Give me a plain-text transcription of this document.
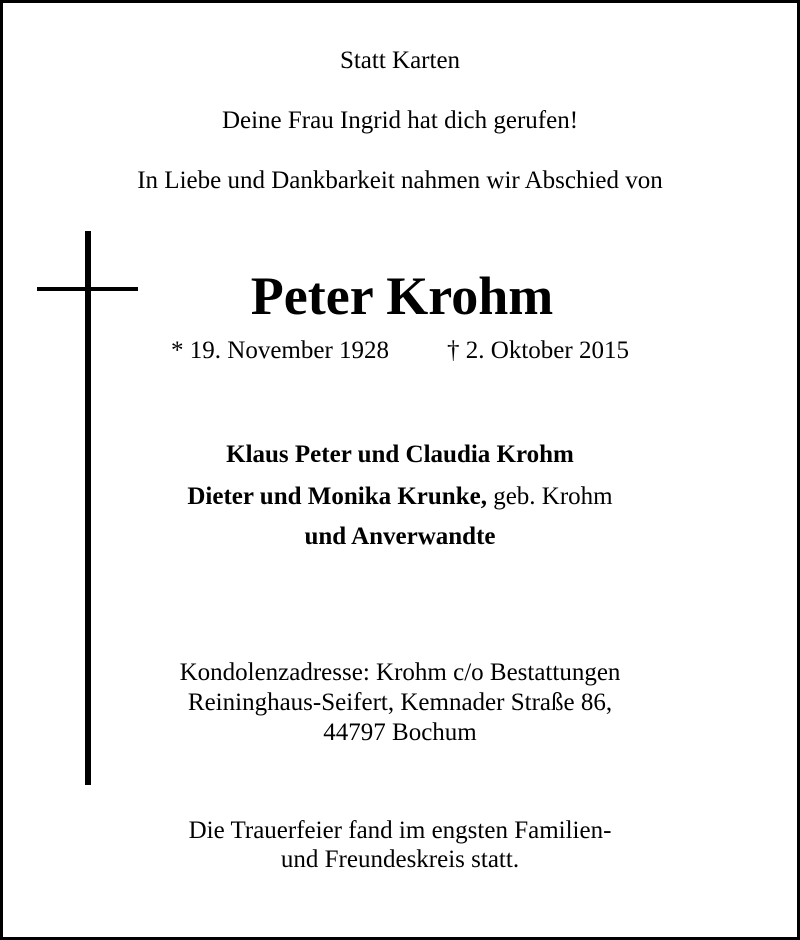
Statt Karten
Deine Frau Ingrid hat dich gerufen!
In Liebe und Dankbarkeit nahmen wir Abschied von
Peter Krohm
* 19. November 1928 † 2. Oktober 2015
Klaus Peter und Claudia Krohm
Dieter und Monika Krunke, geb. Krohm
und Anverwandte
Kondolenzadresse: Krohm c/o Bestattungen
Reininghaus-Seifert, Kemnader Straße 86,
44797 Bochum
Die Trauerfeier fand im engsten Familien-
und Freundeskreis statt.
